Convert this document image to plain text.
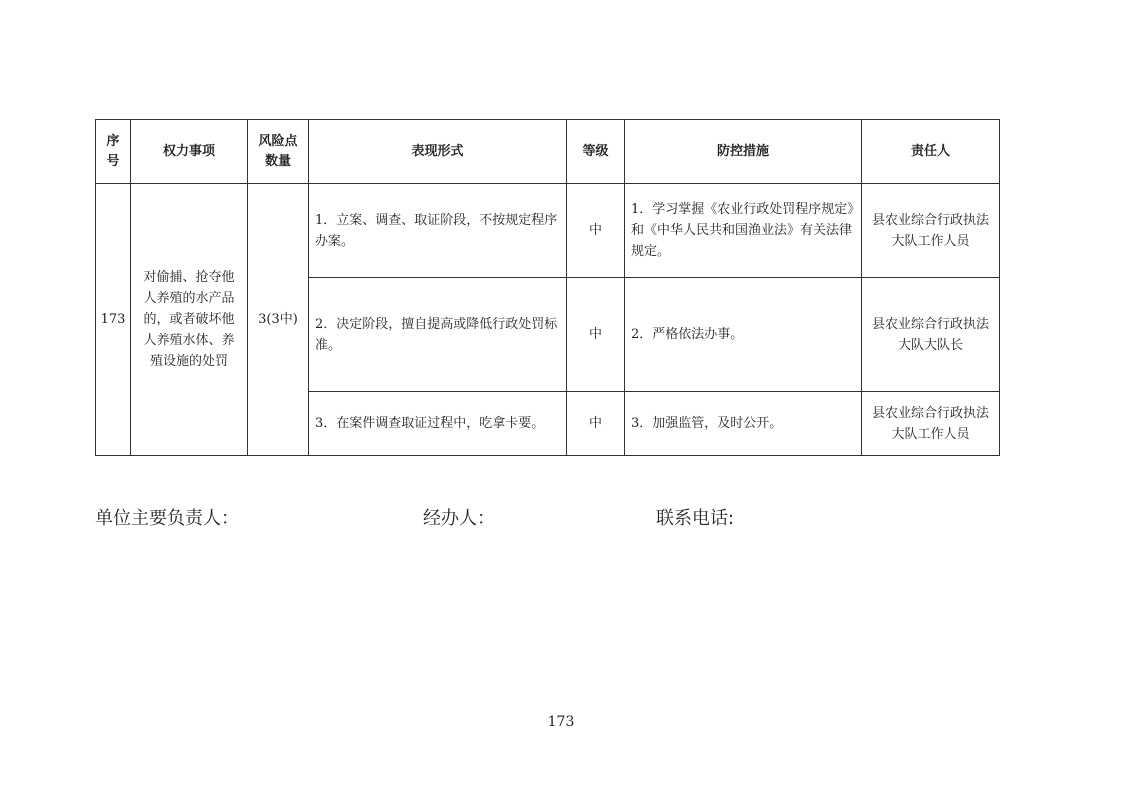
序号	权力事项	风险点数量	表现形式	等级	防控措施	责任人
173	对偷捕、抢夺他人养殖的水产品的，或者破坏他人养殖水体、养殖设施的处罚	3(3中)	1．立案、调查、取证阶段，不按规定程序办案。	中	1．学习掌握《农业行政处罚程序规定》和《中华人民共和国渔业法》有关法律规定。	县农业综合行政执法大队工作人员
			2．决定阶段，擅自提高或降低行政处罚标准。	中	2．严格依法办事。	县农业综合行政执法大队大队长
			3．在案件调查取证过程中，吃拿卡要。	中	3．加强监管，及时公开。	县农业综合行政执法大队工作人员
单位主要负责人：	经办人：	联系电话:
173
